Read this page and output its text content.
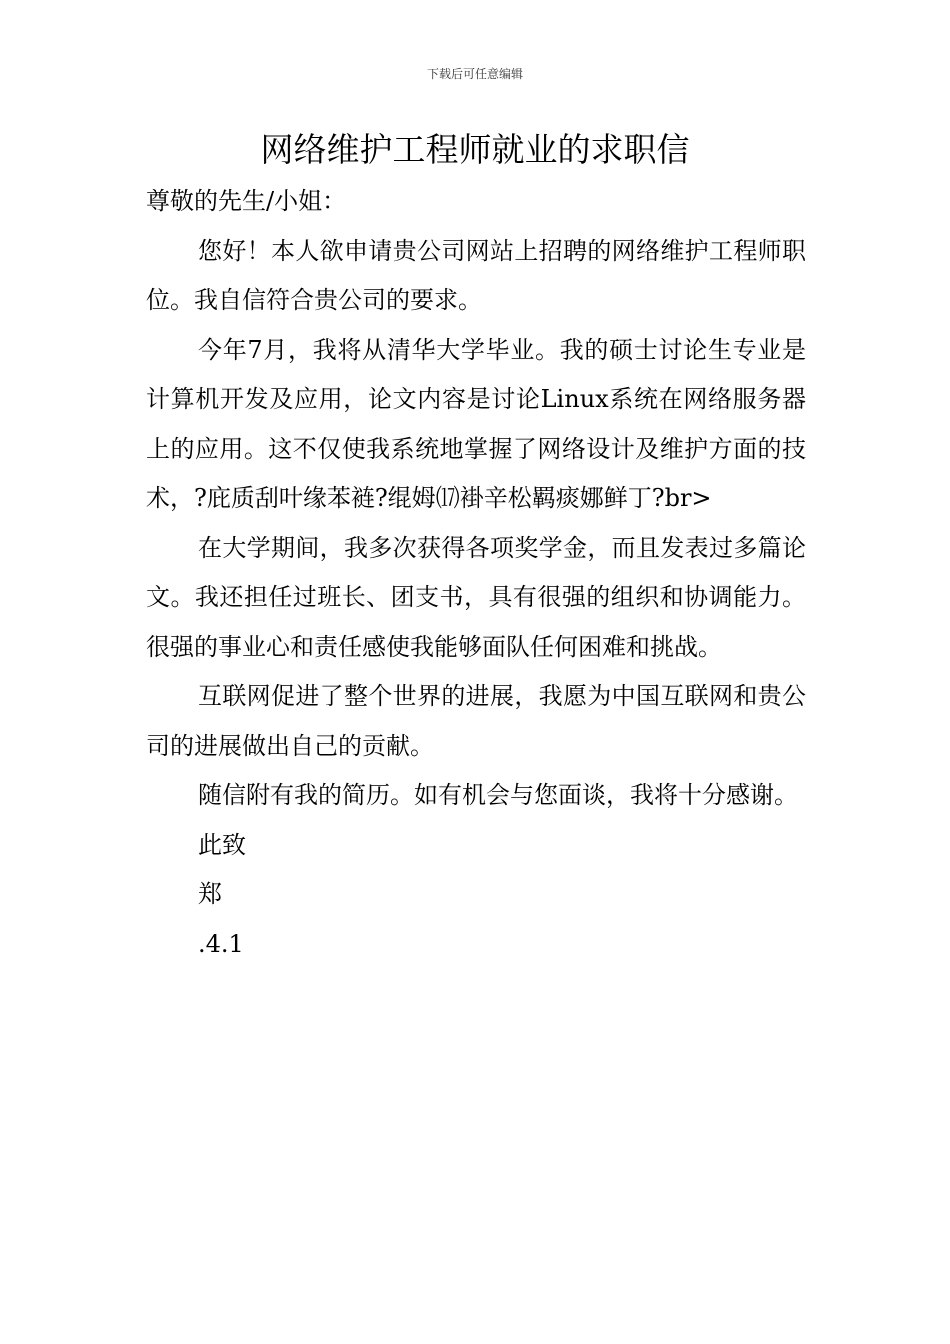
下载后可任意编辑
网络维护工程师就业的求职信

尊敬的先生/小姐：

您好！本人欲申请贵公司网站上招聘的网络维护工程师职位。我自信符合贵公司的要求。

今年7月，我将从清华大学毕业。我的硕士讨论生专业是计算机开发及应用，论文内容是讨论Linux系统在网络服务器上的应用。这不仅使我系统地掌握了网络设计及维护方面的技术，?庇质刮叶缘苯裢?绲姆⒄褂辛松羁痰娜鲜丁?br>

在大学期间，我多次获得各项奖学金，而且发表过多篇论文。我还担任过班长、团支书，具有很强的组织和协调能力。很强的事业心和责任感使我能够面队任何困难和挑战。

互联网促进了整个世界的进展，我愿为中国互联网和贵公司的进展做出自己的贡献。

随信附有我的简历。如有机会与您面谈，我将十分感谢。

此致

郑

.4.1
